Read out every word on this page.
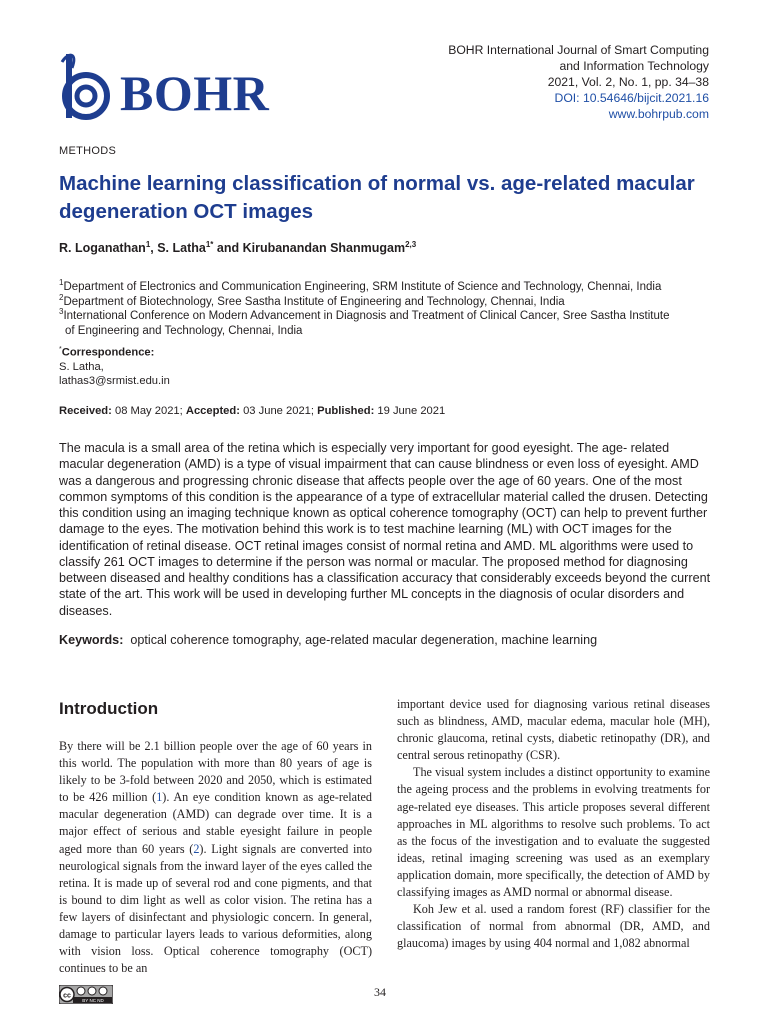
BOHR
BOHR International Journal of Smart Computing
and Information Technology
2021, Vol. 2, No. 1, pp. 34–38
DOI: 10.54646/bijcit.2021.16
www.bohrpub.com
METHODS
Machine learning classification of normal vs. age-related macular degeneration OCT images
R. Loganathan$^1$, S. Latha$^{1*}$ and Kirubanandan Shanmugam$^{2,3}$
$^1$Department of Electronics and Communication Engineering, SRM Institute of Science and Technology, Chennai, India
$^2$Department of Biotechnology, Sree Sastha Institute of Engineering and Technology, Chennai, India
$^3$International Conference on Modern Advancement in Diagnosis and Treatment of Clinical Cancer, Sree Sastha Institute
of Engineering and Technology, Chennai, India
*Correspondence:
S. Latha,
lathas3@srmist.edu.in
Received: 08 May 2021; Accepted: 03 June 2021; Published: 19 June 2021

The macula is a small area of the retina which is especially very important for good eyesight. The age- related macular degeneration (AMD) is a type of visual impairment that can cause blindness or even loss of eyesight. AMD was a dangerous and progressing chronic disease that affects people over the age of 60 years. One of the most common symptoms of this condition is the appearance of a type of extracellular material called the drusen. Detecting this condition using an imaging technique known as optical coherence tomography (OCT) can help to prevent further damage to the eyes. The motivation behind this work is to test machine learning (ML) with OCT images for the identification of retinal disease. OCT retinal images consist of normal retina and AMD. ML algorithms were used to classify 261 OCT images to determine if the person was normal or macular. The proposed method for diagnosing between diseased and healthy conditions has a classification accuracy that considerably exceeds beyond the current state of the art. This work will be used in developing further ML concepts in the diagnosis of ocular disorders and diseases.

Keywords: optical coherence tomography, age-related macular degeneration, machine learning
Introduction

By there will be 2.1 billion people over the age of 60 years in this world. The population with more than 80 years of age is likely to be 3-fold between 2020 and 2050, which is estimated to be 426 million (1). An eye condition known as age-related macular degeneration (AMD) can degrade over time. It is a major effect of serious and stable eyesight failure in people aged more than 60 years (2). Light signals are converted into neurological signals from the inward layer of the eyes called the retina. It is made up of several rod and cone pigments, and that is bound to dim light as well as color vision. The retina has a few layers of disinfectant and physiologic concern. In general, damage to particular layers leads to various deformities, along with vision loss. Optical coherence tomography (OCT) continues to be an

important device used for diagnosing various retinal diseases such as blindness, AMD, macular edema, macular hole (MH), chronic glaucoma, retinal cysts, diabetic retinopathy (DR), and central serous retinopathy (CSR).

The visual system includes a distinct opportunity to examine the ageing process and the problems in evolving treatments for age-related eye diseases. This article proposes several different approaches in ML algorithms to resolve such problems. To act as the focus of the investigation and to evaluate the suggested ideas, retinal imaging screening was used as an exemplary application domain, more specifically, the detection of AMD by classifying images as AMD normal or abnormal disease.

Koh Jew et al. used a random forest (RF) classifier for the classification of normal from abnormal (DR, AMD, and glaucoma) images by using 404 normal and 1,082 abnormal

cc
BY NC ND
34
